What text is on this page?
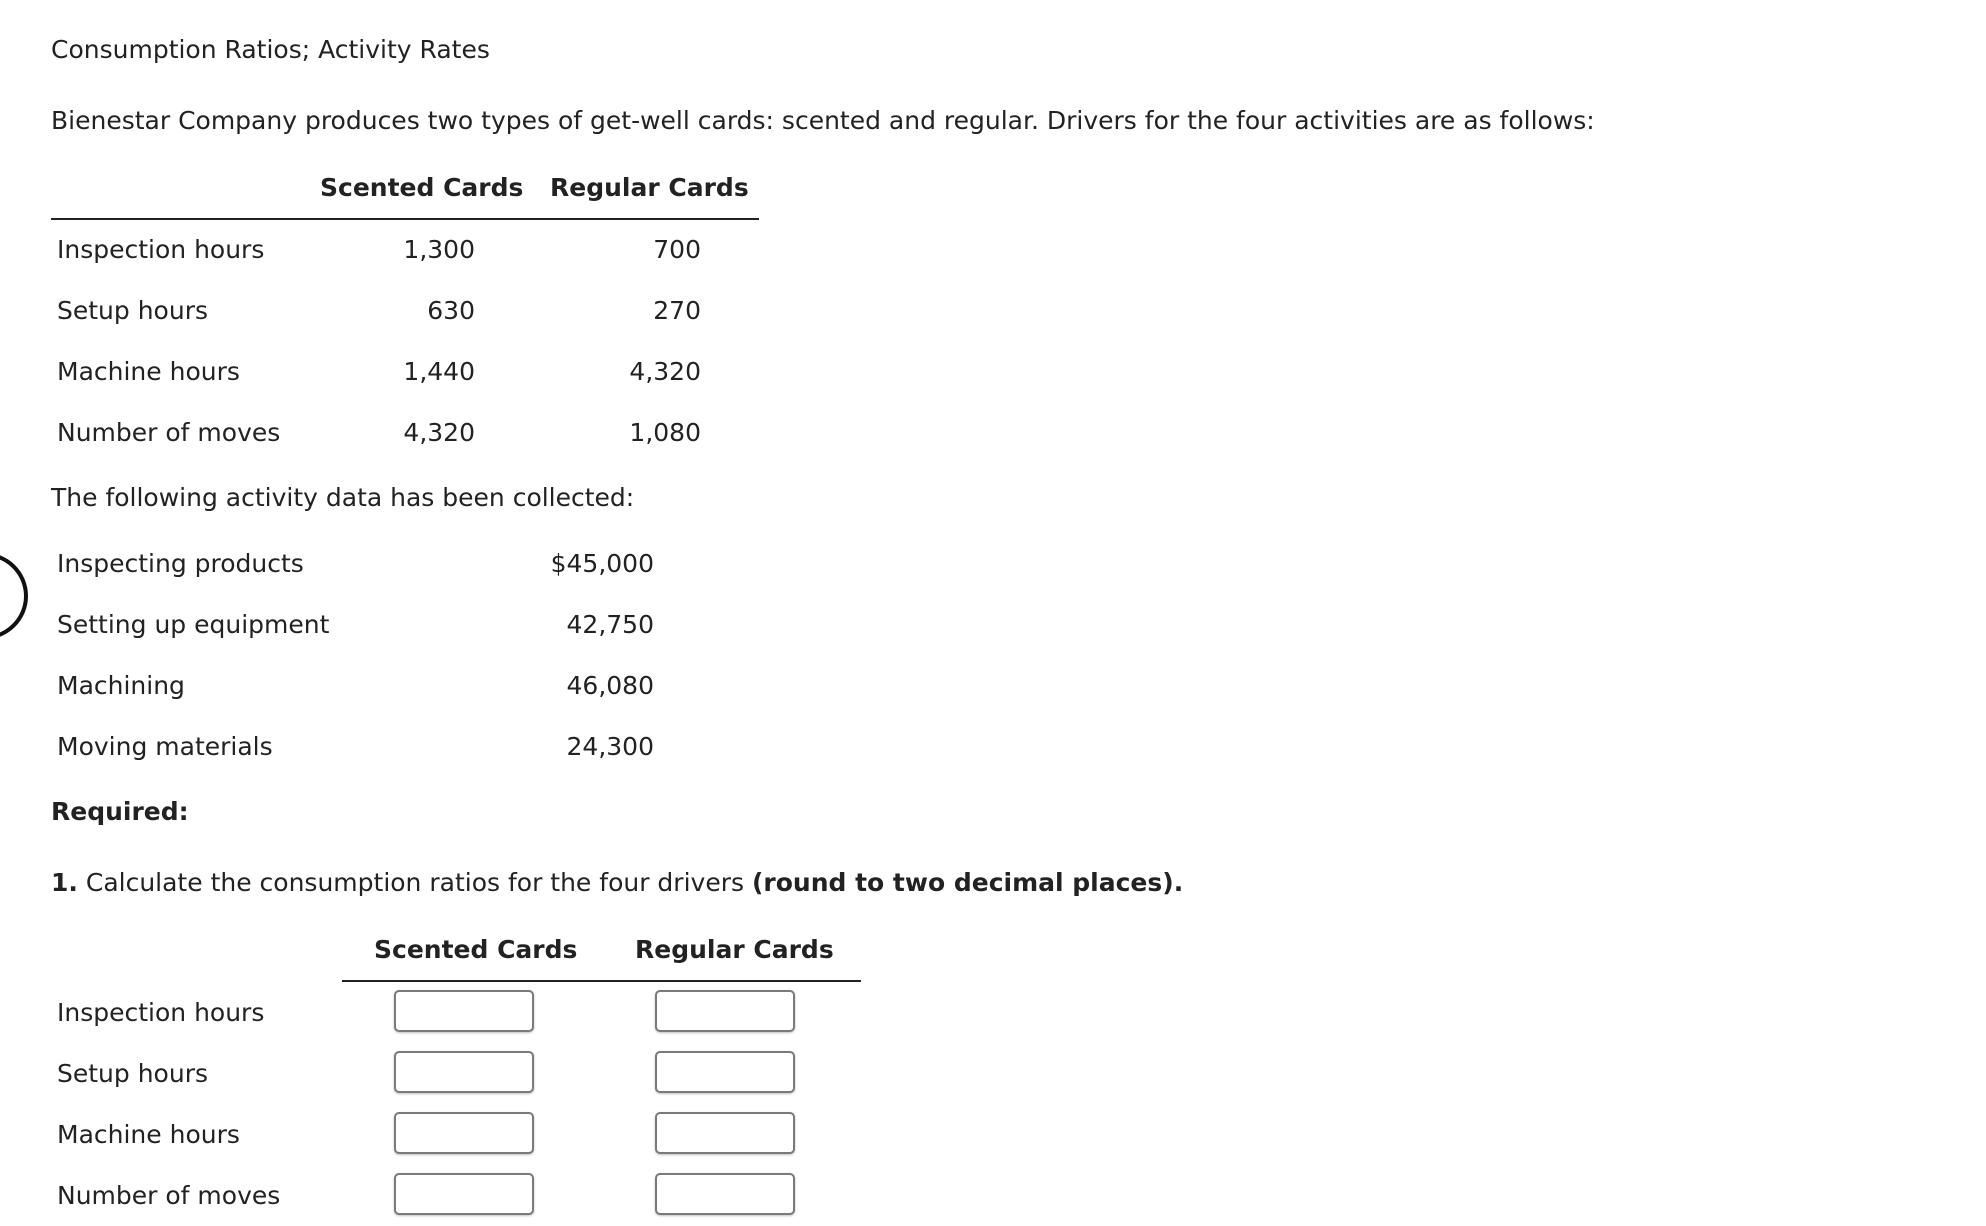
Consumption Ratios; Activity Rates
Bienestar Company produces two types of get-well cards: scented and regular. Drivers for the four activities are as follows:
Scented Cards Regular Cards
Inspection hours	1,300	700
Setup hours	630	270
Machine hours	1,440	4,320
Number of moves	4,320	1,080
The following activity data has been collected:
Inspecting products	$45,000
Setting up equipment	42,750
Machining	46,080
Moving materials	24,300
Required:
1. Calculate the consumption ratios for the four drivers (round to two decimal places).
Scented Cards Regular Cards
Inspection hours
Setup hours
Machine hours
Number of moves
